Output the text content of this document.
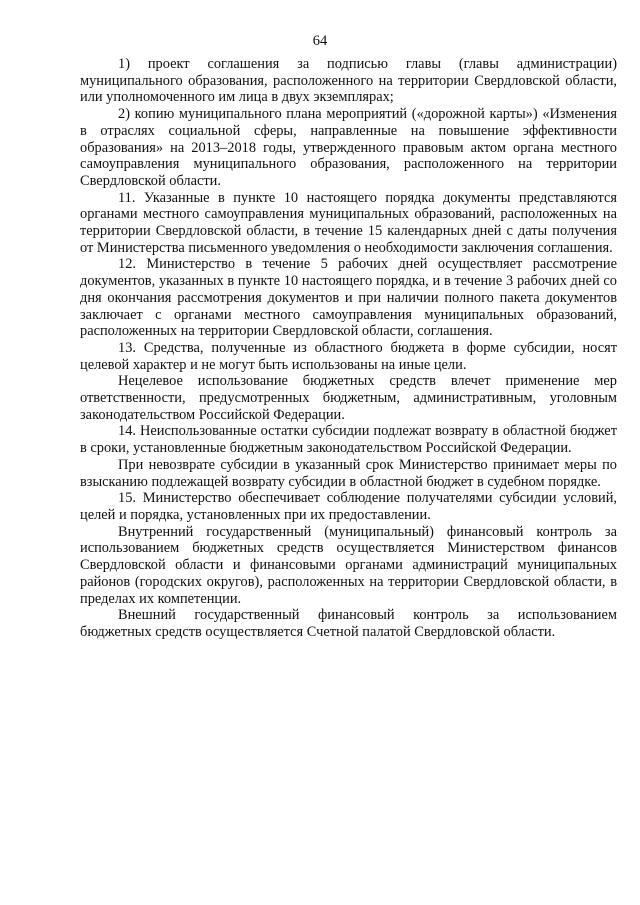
64

1) проект соглашения за подписью главы (главы администрации) муниципального образования, расположенного на территории Свердловской области, или уполномоченного им лица в двух экземплярах;

2) копию муниципального плана мероприятий («дорожной карты») «Изменения в отраслях социальной сферы, направленные на повышение эффективности образования» на 2013–2018 годы, утвержденного правовым актом органа местного самоуправления муниципального образования, расположенного на территории Свердловской области.

11. Указанные в пункте 10 настоящего порядка документы представляются органами местного самоуправления муниципальных образований, расположенных на территории Свердловской области, в течение 15 календарных дней с даты получения от Министерства письменного уведомления о необходимости заключения соглашения.

12. Министерство в течение 5 рабочих дней осуществляет рассмотрение документов, указанных в пункте 10 настоящего порядка, и в течение 3 рабочих дней со дня окончания рассмотрения документов и при наличии полного пакета документов заключает с органами местного самоуправления муниципальных образований, расположенных на территории Свердловской области, соглашения.

13. Средства, полученные из областного бюджета в форме субсидии, носят целевой характер и не могут быть использованы на иные цели.

Нецелевое использование бюджетных средств влечет применение мер ответственности, предусмотренных бюджетным, административным, уголовным законодательством Российской Федерации.

14. Неиспользованные остатки субсидии подлежат возврату в областной бюджет в сроки, установленные бюджетным законодательством Российской Федерации.

При невозврате субсидии в указанный срок Министерство принимает меры по взысканию подлежащей возврату субсидии в областной бюджет в судебном порядке.

15. Министерство обеспечивает соблюдение получателями субсидии условий, целей и порядка, установленных при их предоставлении.

Внутренний государственный (муниципальный) финансовый контроль за использованием бюджетных средств осуществляется Министерством финансов Свердловской области и финансовыми органами администраций муниципальных районов (городских округов), расположенных на территории Свердловской области, в пределах их компетенции.

Внешний государственный финансовый контроль за использованием бюджетных средств осуществляется Счетной палатой Свердловской области.
